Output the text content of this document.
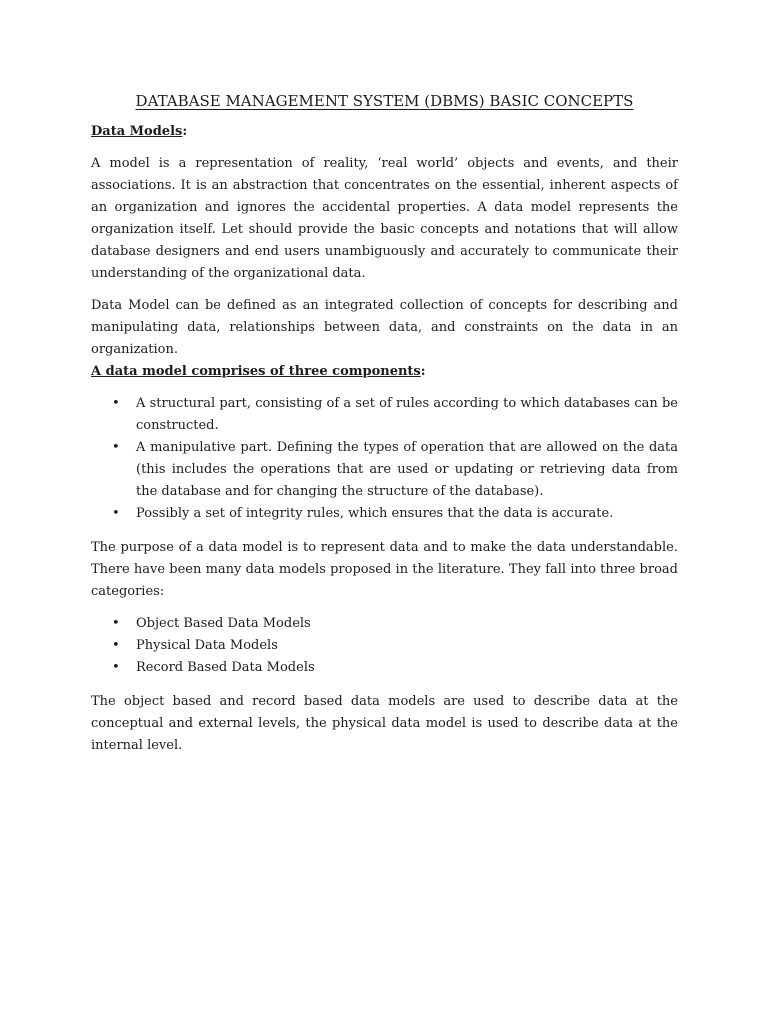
DATABASE MANAGEMENT SYSTEM (DBMS) BASIC CONCEPTS
Data Models:

A model is a representation of reality, ‘real world’ objects and events, and their associations. It is an abstraction that concentrates on the essential, inherent aspects of an organization and ignores the accidental properties. A data model represents the organization itself. Let should provide the basic concepts and notations that will allow database designers and end users unambiguously and accurately to communicate their understanding of the organizational data.

Data Model can be defined as an integrated collection of concepts for describing and manipulating data, relationships between data, and constraints on the data in an organization.

A data model comprises of three components:
• A structural part, consisting of a set of rules according to which databases can be constructed.
• A manipulative part. Defining the types of operation that are allowed on the data (this includes the operations that are used or updating or retrieving data from the database and for changing the structure of the database).
• Possibly a set of integrity rules, which ensures that the data is accurate.

The purpose of a data model is to represent data and to make the data understandable. There have been many data models proposed in the literature. They fall into three broad categories:

• Object Based Data Models
• Physical Data Models
• Record Based Data Models

The object based and record based data models are used to describe data at the conceptual and external levels, the physical data model is used to describe data at the internal level.
